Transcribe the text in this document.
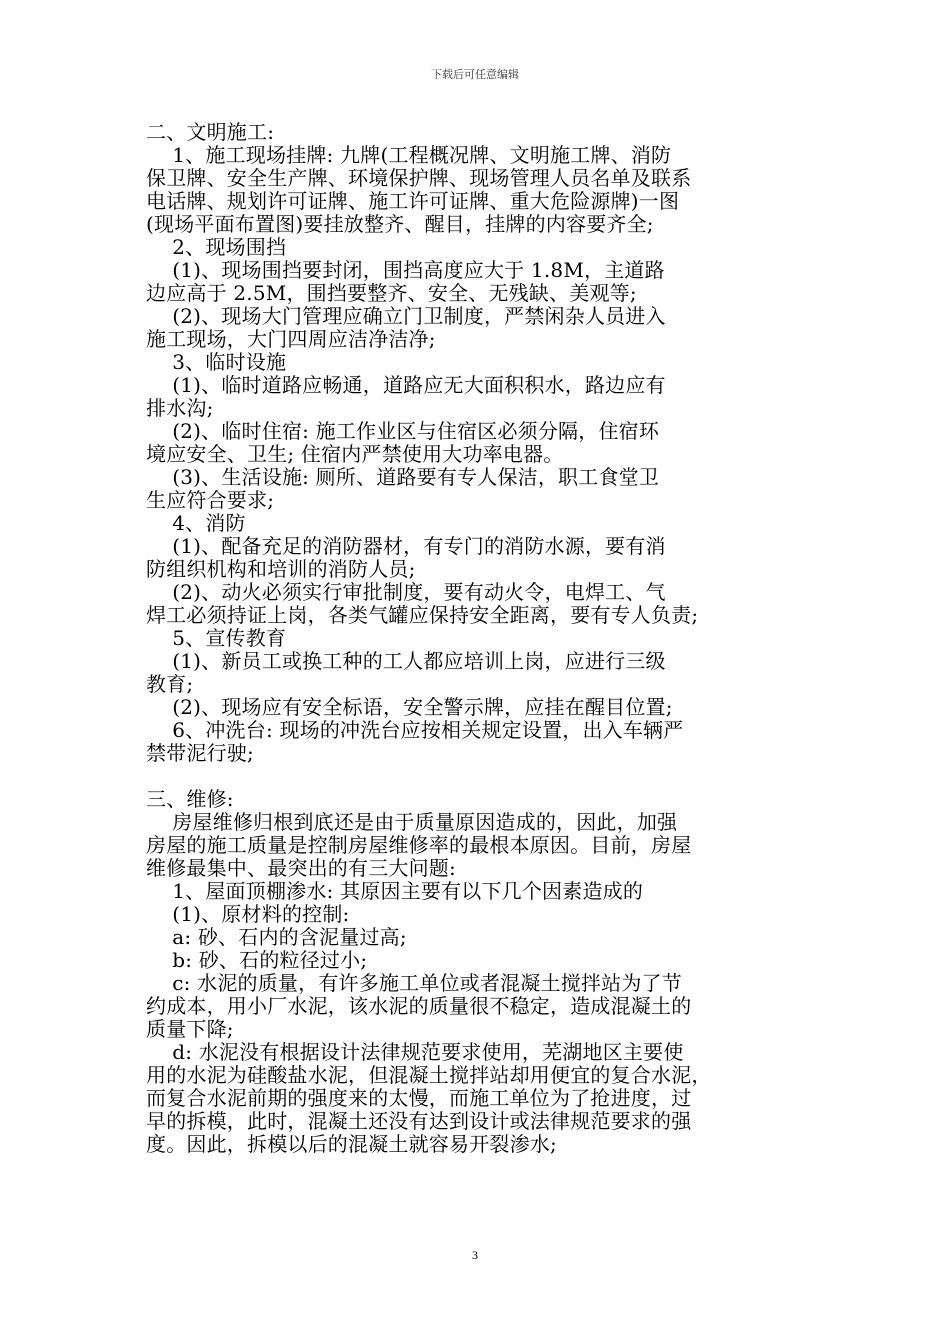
下载后可任意编辑
二、文明施工:
1、施工现场挂牌: 九牌(工程概况牌、文明施工牌、消防
保卫牌、安全生产牌、环境保护牌、现场管理人员名单及联系
电话牌、规划许可证牌、施工许可证牌、重大危险源牌)一图
(现场平面布置图)要挂放整齐、醒目，挂牌的内容要齐全;
2、现场围挡
(1)、现场围挡要封闭，围挡高度应大于 1.8M，主道路
边应高于 2.5M，围挡要整齐、安全、无残缺、美观等;
(2)、现场大门管理应确立门卫制度，严禁闲杂人员进入
施工现场，大门四周应洁净洁净;
3、临时设施
(1)、临时道路应畅通，道路应无大面积积水，路边应有
排水沟;
(2)、临时住宿: 施工作业区与住宿区必须分隔，住宿环
境应安全、卫生; 住宿内严禁使用大功率电器。
(3)、生活设施: 厕所、道路要有专人保洁，职工食堂卫
生应符合要求;
4、消防
(1)、配备充足的消防器材，有专门的消防水源，要有消
防组织机构和培训的消防人员;
(2)、动火必须实行审批制度，要有动火令，电焊工、气
焊工必须持证上岗，各类气罐应保持安全距离，要有专人负责;
5、宣传教育
(1)、新员工或换工种的工人都应培训上岗，应进行三级
教育;
(2)、现场应有安全标语，安全警示牌，应挂在醒目位置;
6、冲洗台: 现场的冲洗台应按相关规定设置，出入车辆严
禁带泥行驶;
三、维修:
房屋维修归根到底还是由于质量原因造成的，因此，加强
房屋的施工质量是控制房屋维修率的最根本原因。目前，房屋
维修最集中、最突出的有三大问题:
1、屋面顶棚渗水: 其原因主要有以下几个因素造成的
(1)、原材料的控制:
a: 砂、石内的含泥量过高;
b: 砂、石的粒径过小;
c: 水泥的质量，有许多施工单位或者混凝土搅拌站为了节
约成本，用小厂水泥，该水泥的质量很不稳定，造成混凝土的
质量下降;
d: 水泥没有根据设计法律规范要求使用，芜湖地区主要使
用的水泥为硅酸盐水泥，但混凝土搅拌站却用便宜的复合水泥，
而复合水泥前期的强度来的太慢，而施工单位为了抢进度，过
早的拆模，此时，混凝土还没有达到设计或法律规范要求的强
度。因此，拆模以后的混凝土就容易开裂渗水;
3
